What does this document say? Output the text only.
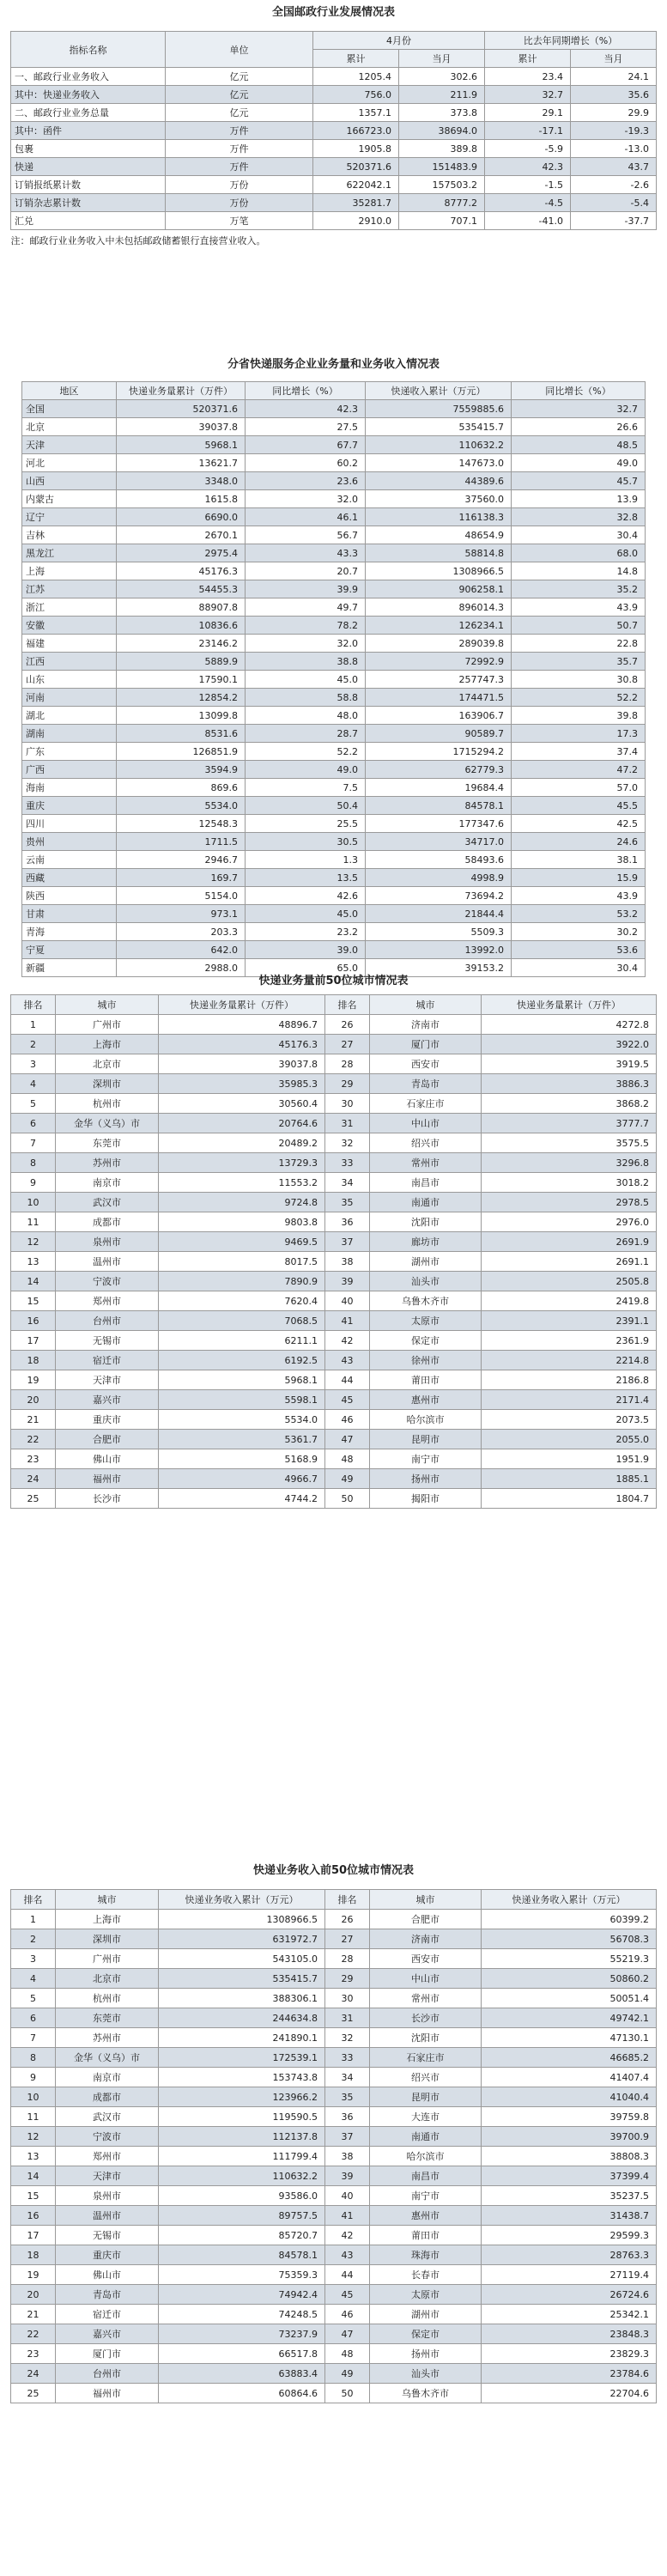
全国邮政行业发展情况表
指标名称	单位	4月份		比去年同期增长（%）	
		累计	当月	累计	当月
一、邮政行业业务收入	亿元	1205.4	302.6	23.4	24.1
其中：快递业务收入	亿元	756.0	211.9	32.7	35.6
二、邮政行业业务总量	亿元	1357.1	373.8	29.1	29.9
其中：函件	万件	166723.0	38694.0	-17.1	-19.3
包裹	万件	1905.8	389.8	-5.9	-13.0
快递	万件	520371.6	151483.9	42.3	43.7
订销报纸累计数	万份	622042.1	157503.2	-1.5	-2.6
订销杂志累计数	万份	35281.7	8777.2	-4.5	-5.4
汇兑	万笔	2910.0	707.1	-41.0	-37.7
注：邮政行业业务收入中未包括邮政储蓄银行直接营业收入。
分省快递服务企业业务量和业务收入情况表
地区	快递业务量累计（万件）	同比增长（%）	快递收入累计（万元）	同比增长（%）
全国	520371.6	42.3	7559885.6	32.7
北京	39037.8	27.5	535415.7	26.6
天津	5968.1	67.7	110632.2	48.5
河北	13621.7	60.2	147673.0	49.0
山西	3348.0	23.6	44389.6	45.7
内蒙古	1615.8	32.0	37560.0	13.9
辽宁	6690.0	46.1	116138.3	32.8
吉林	2670.1	56.7	48654.9	30.4
黑龙江	2975.4	43.3	58814.8	68.0
上海	45176.3	20.7	1308966.5	14.8
江苏	54455.3	39.9	906258.1	35.2
浙江	88907.8	49.7	896014.3	43.9
安徽	10836.6	78.2	126234.1	50.7
福建	23146.2	32.0	289039.8	22.8
江西	5889.9	38.8	72992.9	35.7
山东	17590.1	45.0	257747.3	30.8
河南	12854.2	58.8	174471.5	52.2
湖北	13099.8	48.0	163906.7	39.8
湖南	8531.6	28.7	90589.7	17.3
广东	126851.9	52.2	1715294.2	37.4
广西	3594.9	49.0	62779.3	47.2
海南	869.6	7.5	19684.4	57.0
重庆	5534.0	50.4	84578.1	45.5
四川	12548.3	25.5	177347.6	42.5
贵州	1711.5	30.5	34717.0	24.6
云南	2946.7	1.3	58493.6	38.1
西藏	169.7	13.5	4998.9	15.9
陕西	5154.0	42.6	73694.2	43.9
甘肃	973.1	45.0	21844.4	53.2
青海	203.3	23.2	5509.3	30.2
宁夏	642.0	39.0	13992.0	53.6
新疆	2988.0	65.0	39153.2	30.4
快递业务量前50位城市情况表
排名	城市	快递业务量累计（万件）	排名	城市	快递业务量累计（万件）
1	广州市	48896.7	26	济南市	4272.8
2	上海市	45176.3	27	厦门市	3922.0
3	北京市	39037.8	28	西安市	3919.5
4	深圳市	35985.3	29	青岛市	3886.3
5	杭州市	30560.4	30	石家庄市	3868.2
6	金华（义乌）市	20764.6	31	中山市	3777.7
7	东莞市	20489.2	32	绍兴市	3575.5
8	苏州市	13729.3	33	常州市	3296.8
9	南京市	11553.2	34	南昌市	3018.2
10	武汉市	9724.8	35	南通市	2978.5
11	成都市	9803.8	36	沈阳市	2976.0
12	泉州市	9469.5	37	廊坊市	2691.9
13	温州市	8017.5	38	湖州市	2691.1
14	宁波市	7890.9	39	汕头市	2505.8
15	郑州市	7620.4	40	乌鲁木齐市	2419.8
16	台州市	7068.5	41	太原市	2391.1
17	无锡市	6211.1	42	保定市	2361.9
18	宿迁市	6192.5	43	徐州市	2214.8
19	天津市	5968.1	44	莆田市	2186.8
20	嘉兴市	5598.1	45	惠州市	2171.4
21	重庆市	5534.0	46	哈尔滨市	2073.5
22	合肥市	5361.7	47	昆明市	2055.0
23	佛山市	5168.9	48	南宁市	1951.9
24	福州市	4966.7	49	扬州市	1885.1
25	长沙市	4744.2	50	揭阳市	1804.7
快递业务收入前50位城市情况表
排名	城市	快递业务收入累计（万元）	排名	城市	快递业务收入累计（万元）
1	上海市	1308966.5	26	合肥市	60399.2
2	深圳市	631972.7	27	济南市	56708.3
3	广州市	543105.0	28	西安市	55219.3
4	北京市	535415.7	29	中山市	50860.2
5	杭州市	388306.1	30	常州市	50051.4
6	东莞市	244634.8	31	长沙市	49742.1
7	苏州市	241890.1	32	沈阳市	47130.1
8	金华（义乌）市	172539.1	33	石家庄市	46685.2
9	南京市	153743.8	34	绍兴市	41407.4
10	成都市	123966.2	35	昆明市	41040.4
11	武汉市	119590.5	36	大连市	39759.8
12	宁波市	112137.8	37	南通市	39700.9
13	郑州市	111799.4	38	哈尔滨市	38808.3
14	天津市	110632.2	39	南昌市	37399.4
15	泉州市	93586.0	40	南宁市	35237.5
16	温州市	89757.5	41	惠州市	31438.7
17	无锡市	85720.7	42	莆田市	29599.3
18	重庆市	84578.1	43	珠海市	28763.3
19	佛山市	75359.3	44	长春市	27119.4
20	青岛市	74942.4	45	太原市	26724.6
21	宿迁市	74248.5	46	湖州市	25342.1
22	嘉兴市	73237.9	47	保定市	23848.3
23	厦门市	66517.8	48	扬州市	23829.3
24	台州市	63883.4	49	汕头市	23784.6
25	福州市	60864.6	50	乌鲁木齐市	22704.6
